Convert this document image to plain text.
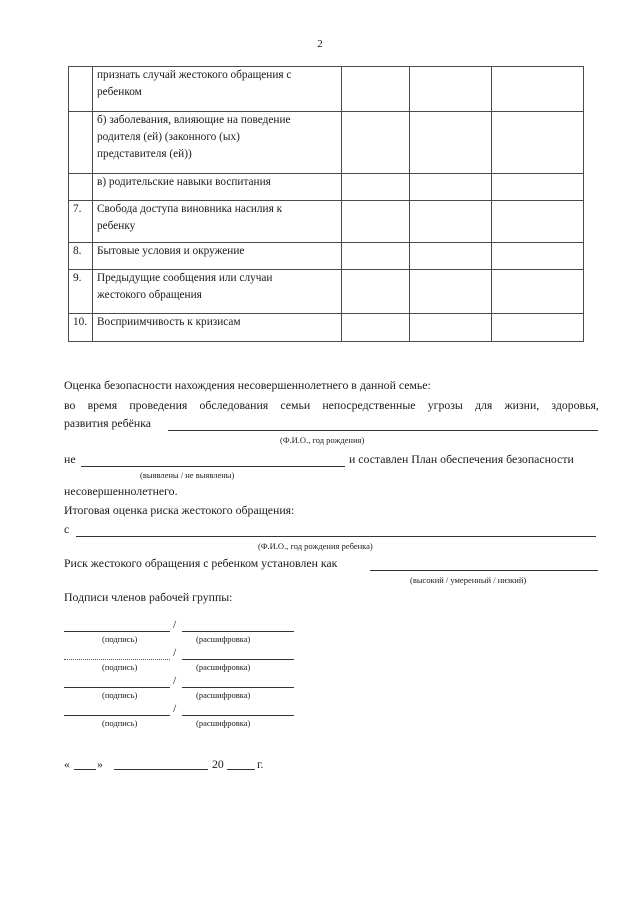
2

	признать случай жестокого обращения с
ребенком			

	б) заболевания, влияющие на поведение
родителя (ей) (законного (ых)
представителя (ей))			

	в) родительские навыки воспитания			

7.	Свобода доступа виновника насилия к
ребенку			

8.	Бытовые условия и окружение			

9.	Предыдущие сообщения или случаи
жестокого обращения			

10.	Восприимчивость к кризисам			

Оценка безопасности нахождения несовершеннолетнего в данной семье:
во время проведения обследования семьи непосредственные угрозы для жизни, здоровья,
развития ребёнка
(Ф.И.О., год рождения)
не	и составлен План обеспечения безопасности
(выявлены / не выявлены)
несовершеннолетнего.
Итоговая оценка риска жестокого обращения:
с
(Ф.И.О., год рождения ребенка)
Риск жестокого обращения с ребенком установлен как
(высокий / умеренный / низкий)
Подписи членов рабочей группы:
/
(подпись)	(расшифровка)
/
(подпись)	(расшифровка)
/
(подпись)	(расшифровка)
/
(подпись)	(расшифровка)
« »	20	г.
